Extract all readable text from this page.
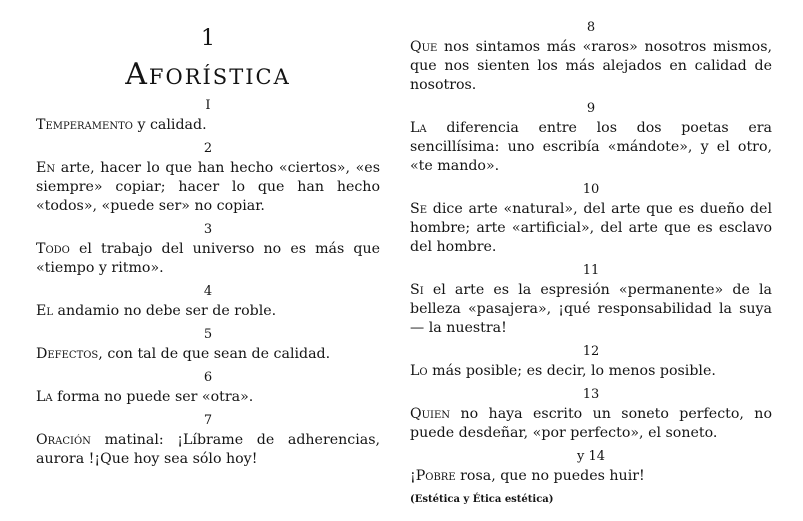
1
Aforística
I
Temperamento y calidad.
2
En arte, hacer lo que han hecho «ciertos», «es siempre» copiar; hacer lo que han hecho «todos», «puede ser» no copiar.
3
Todo el trabajo del universo no es más que «tiempo y ritmo».
4
El andamio no debe ser de roble.
5
Defectos, con tal de que sean de calidad.
6
La forma no puede ser «otra».
7
Oración matinal: ¡Líbrame de adherencias, aurora !¡Que hoy sea sólo hoy!
8
Que nos sintamos más «raros» nosotros mismos, que nos sienten los más alejados en calidad de nosotros.
9
La diferencia entre los dos poetas era sencillísima: uno escribía «mándote», y el otro, «te mando».
10
Se dice arte «natural», del arte que es dueño del hombre; arte «artificial», del arte que es esclavo del hombre.
11
Si el arte es la espresión «permanente» de la belleza «pasajera», ¡qué responsabilidad la suya — la nuestra!
12
Lo más posible; es decir, lo menos posible.
13
Quien no haya escrito un soneto perfecto, no puede desdeñar, «por perfecto», el soneto.
y 14
¡Pobre rosa, que no puedes huir!
(Estética y Ética estética)
